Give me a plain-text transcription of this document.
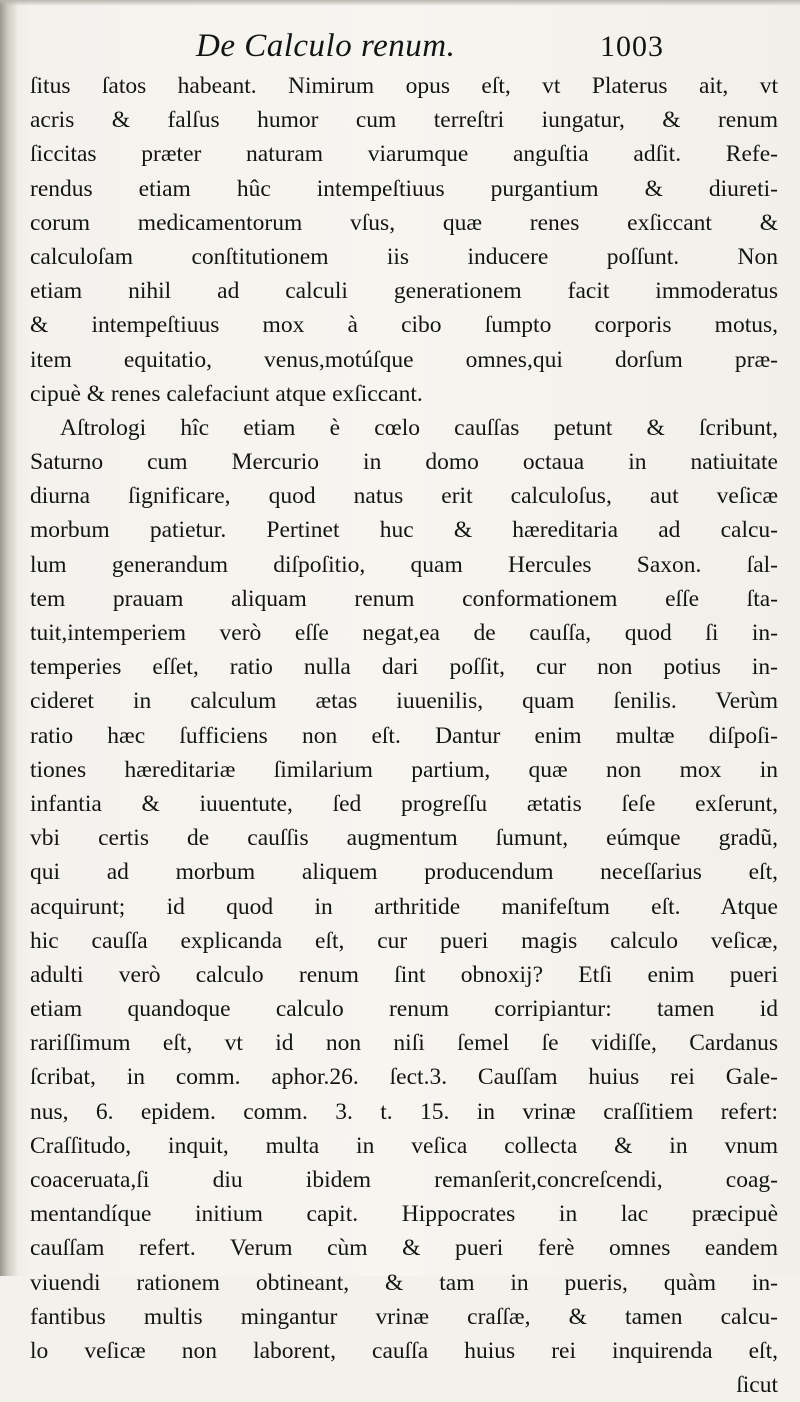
De Calculo renum.	1003
ſitus ſatos habeant. Nimirum opus eſt, vt Platerus ait, vt
acris & falſus humor cum terreſtri iungatur, & renum
ſiccitas præter naturam viarumque anguſtia adſit. Refe-
rendus etiam hûc intempeſtiuus purgantium & diureti-
corum medicamentorum vſus, quæ renes exſiccant &
calculoſam conſtitutionem iis inducere poſſunt. Non
etiam nihil ad calculi generationem facit immoderatus
& intempeſtiuus mox à cibo ſumpto corporis motus,
item equitatio, venus,motúſque omnes,qui dorſum præ-
cipuè & renes calefaciunt atque exſiccant.
Aſtrologi hîc etiam è cœlo cauſſas petunt & ſcribunt,
Saturno cum Mercurio in domo octaua in natiuitate
diurna ſignificare, quod natus erit calculoſus, aut veſicæ
morbum patietur. Pertinet huc & hæreditaria ad calcu-
lum generandum diſpoſitio, quam Hercules Saxon. ſal-
tem prauam aliquam renum conformationem eſſe ſta-
tuit,intemperiem verò eſſe negat,ea de cauſſa, quod ſi in-
temperies eſſet, ratio nulla dari poſſit, cur non potius in-
cideret in calculum ætas iuuenilis, quam ſenilis. Verùm
ratio hæc ſufficiens non eſt. Dantur enim multæ diſpoſi-
tiones hæreditariæ ſimilarium partium, quæ non mox in
infantia & iuuentute, ſed progreſſu ætatis ſeſe exſerunt,
vbi certis de cauſſis augmentum ſumunt, eúmque gradũ,
qui ad morbum aliquem producendum neceſſarius eſt,
acquirunt; id quod in arthritide manifeſtum eſt. Atque
hic cauſſa explicanda eſt, cur pueri magis calculo veſicæ,
adulti verò calculo renum ſint obnoxij? Etſi enim pueri
etiam quandoque calculo renum corripiantur: tamen id
rariſſimum eſt, vt id non niſi ſemel ſe vidiſſe, Cardanus
ſcribat, in comm. aphor.26. ſect.3. Cauſſam huius rei Gale-
nus, 6. epidem. comm. 3. t. 15. in vrinæ craſſitiem refert:
Craſſitudo, inquit, multa in veſica collecta & in vnum
coaceruata,ſi diu ibidem remanſerit,concreſcendi, coag-
mentandíque initium capit. Hippocrates in lac præcipuè
cauſſam refert. Verum cùm & pueri ferè omnes eandem
viuendi rationem obtineant, & tam in pueris, quàm in-
fantibus multis mingantur vrinæ craſſæ, & tamen calcu-
lo veſicæ non laborent, cauſſa huius rei inquirenda eſt,
ſicut
